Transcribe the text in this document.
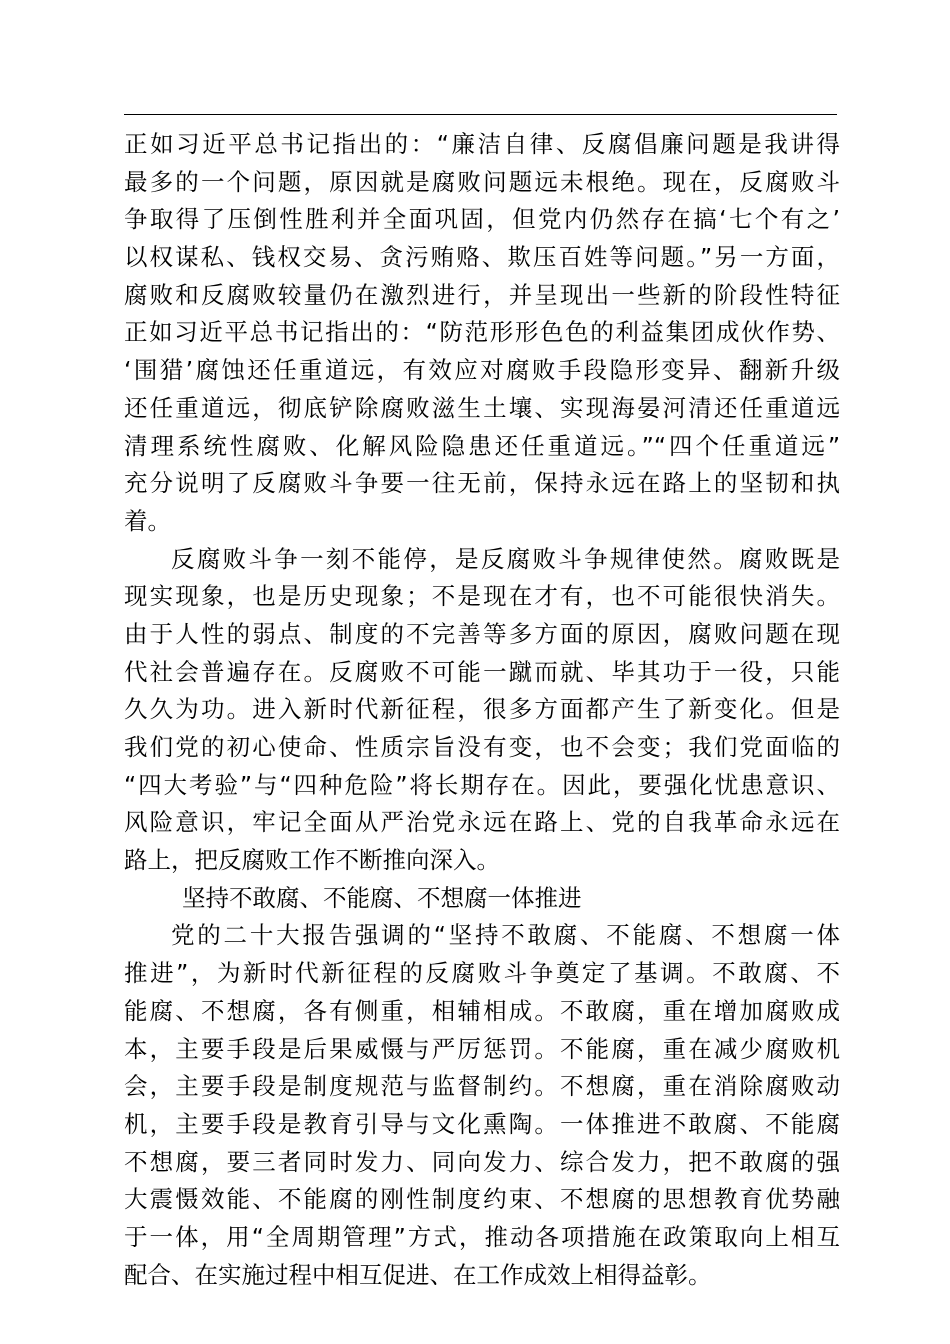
正如习近平总书记指出的：“廉洁自律、反腐倡廉问题是我讲得
最多的一个问题，原因就是腐败问题远未根绝。现在，反腐败斗
争取得了压倒性胜利并全面巩固，但党内仍然存在搞‘七个有之’
以权谋私、钱权交易、贪污贿赂、欺压百姓等问题。”另一方面，
腐败和反腐败较量仍在激烈进行，并呈现出一些新的阶段性特征
正如习近平总书记指出的：“防范形形色色的利益集团成伙作势、
‘围猎’腐蚀还任重道远，有效应对腐败手段隐形变异、翻新升级
还任重道远，彻底铲除腐败滋生土壤、实现海晏河清还任重道远
清理系统性腐败、化解风险隐患还任重道远。”“四个任重道远”
充分说明了反腐败斗争要一往无前，保持永远在路上的坚韧和执
着。
反腐败斗争一刻不能停，是反腐败斗争规律使然。腐败既是
现实现象，也是历史现象；不是现在才有，也不可能很快消失。
由于人性的弱点、制度的不完善等多方面的原因，腐败问题在现
代社会普遍存在。反腐败不可能一蹴而就、毕其功于一役，只能
久久为功。进入新时代新征程，很多方面都产生了新变化。但是
我们党的初心使命、性质宗旨没有变，也不会变；我们党面临的
“四大考验”与“四种危险”将长期存在。因此，要强化忧患意识、
风险意识，牢记全面从严治党永远在路上、党的自我革命永远在
路上，把反腐败工作不断推向深入。
坚持不敢腐、不能腐、不想腐一体推进
党的二十大报告强调的“坚持不敢腐、不能腐、不想腐一体
推进”，为新时代新征程的反腐败斗争奠定了基调。不敢腐、不
能腐、不想腐，各有侧重，相辅相成。不敢腐，重在增加腐败成
本，主要手段是后果威慑与严厉惩罚。不能腐，重在减少腐败机
会，主要手段是制度规范与监督制约。不想腐，重在消除腐败动
机，主要手段是教育引导与文化熏陶。一体推进不敢腐、不能腐
不想腐，要三者同时发力、同向发力、综合发力，把不敢腐的强
大震慑效能、不能腐的刚性制度约束、不想腐的思想教育优势融
于一体，用“全周期管理”方式，推动各项措施在政策取向上相互
配合、在实施过程中相互促进、在工作成效上相得益彰。
